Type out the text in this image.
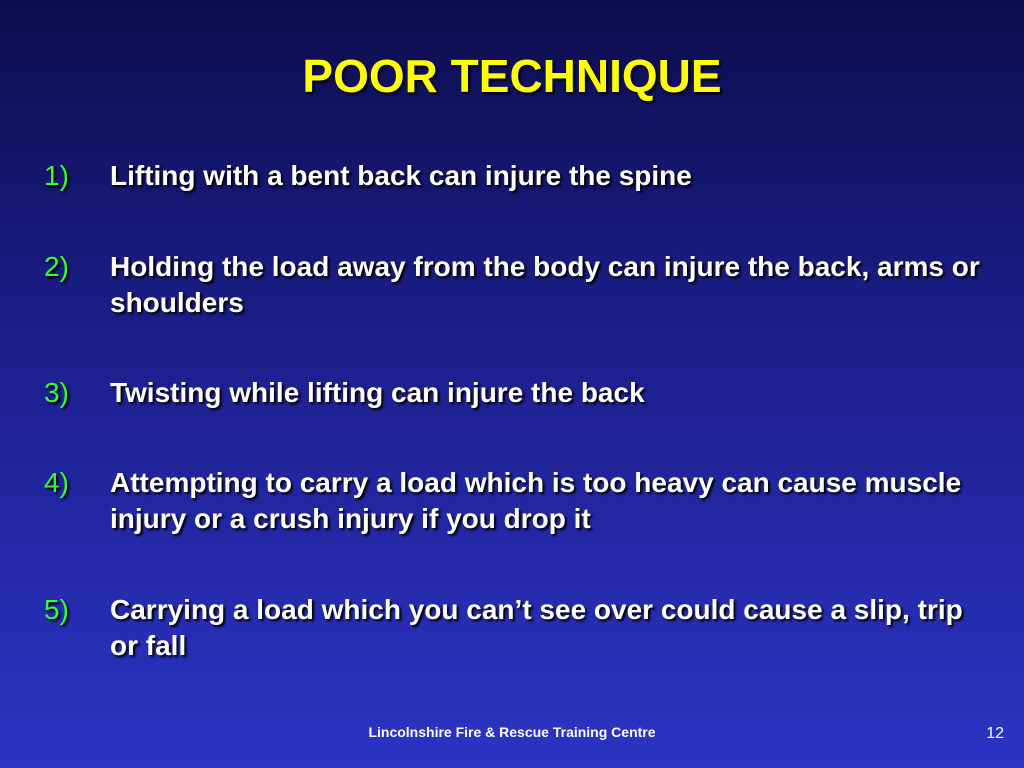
POOR TECHNIQUE
1) Lifting with a bent back can injure the spine
2) Holding the load away from the body can injure the back, arms or shoulders
3) Twisting while lifting can injure the back
4) Attempting to carry a load which is too heavy can cause muscle injury or a crush injury if you drop it
5) Carrying a load which you can’t see over could cause a slip, trip or fall
Lincolnshire Fire & Rescue Training Centre	12
